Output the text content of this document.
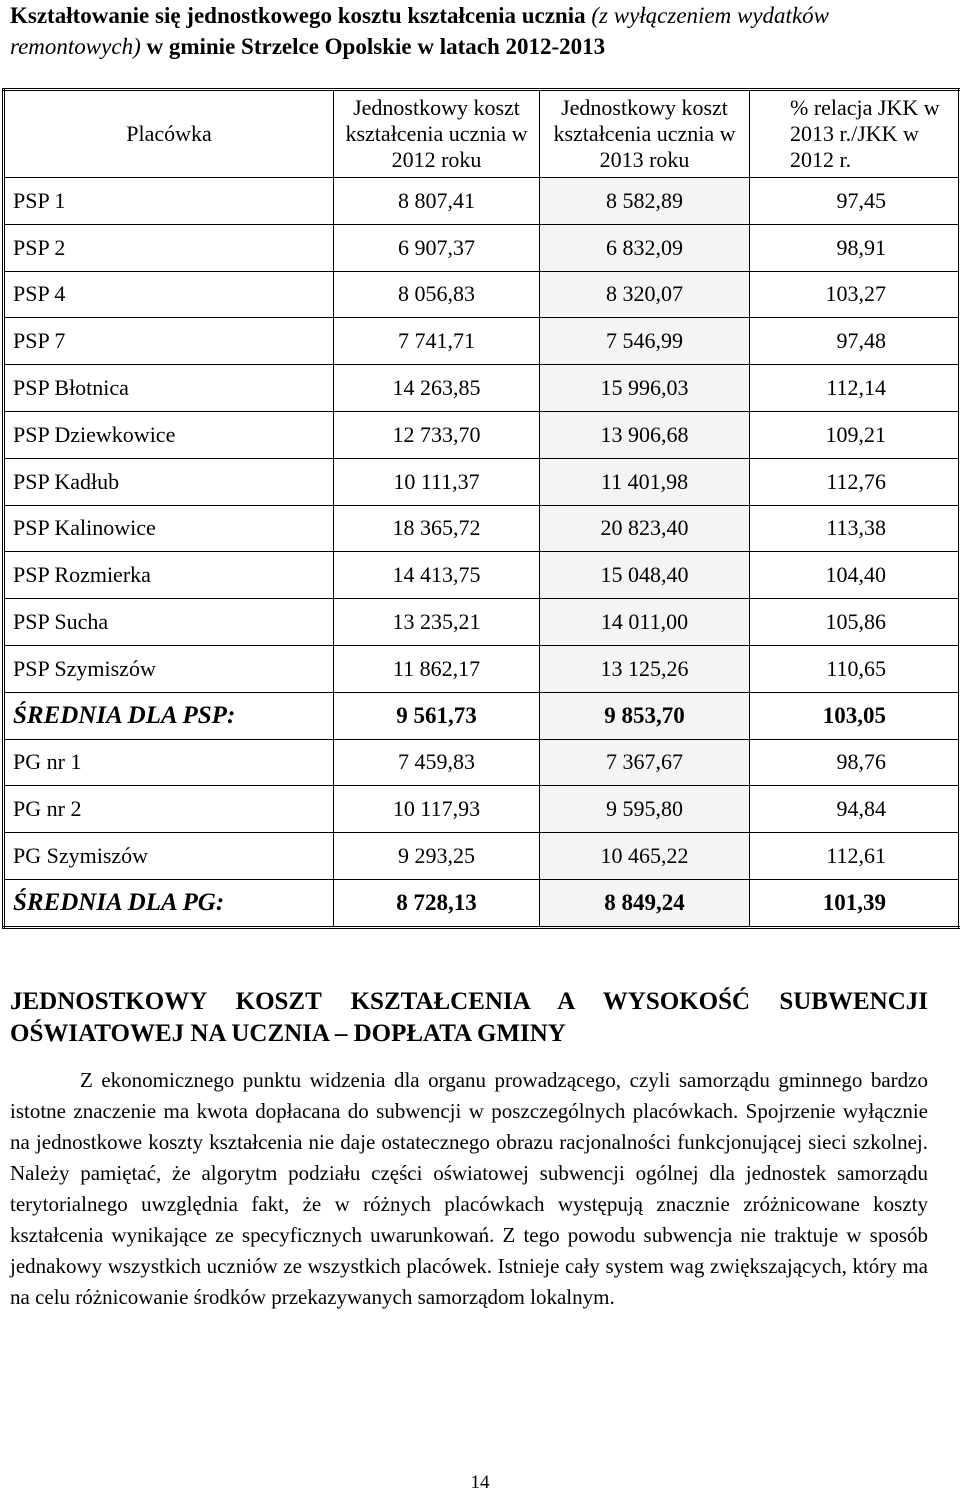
Kształtowanie się jednostkowego kosztu kształcenia ucznia (z wyłączeniem wydatków remontowych) w gminie Strzelce Opolskie w latach 2012-2013
Placówka	Jednostkowy koszt kształcenia ucznia w 2012 roku	Jednostkowy koszt kształcenia ucznia w 2013 roku	% relacja JKK w 2013 r./JKK w 2012 r.

PSP 1	8 807,41	8 582,89	97,45
PSP 2	6 907,37	6 832,09	98,91
PSP 4	8 056,83	8 320,07	103,27
PSP 7	7 741,71	7 546,99	97,48
PSP Błotnica	14 263,85	15 996,03	112,14
PSP Dziewkowice	12 733,70	13 906,68	109,21
PSP Kadłub	10 111,37	11 401,98	112,76
PSP Kalinowice	18 365,72	20 823,40	113,38
PSP Rozmierka	14 413,75	15 048,40	104,40
PSP Sucha	13 235,21	14 011,00	105,86
PSP Szymiszów	11 862,17	13 125,26	110,65
ŚREDNIA DLA PSP:	9 561,73	9 853,70	103,05
PG nr 1	7 459,83	7 367,67	98,76
PG nr 2	10 117,93	9 595,80	94,84
PG Szymiszów	9 293,25	10 465,22	112,61
ŚREDNIA DLA PG:	8 728,13	8 849,24	101,39
JEDNOSTKOWY KOSZT KSZTAŁCENIA A WYSOKOŚĆ SUBWENCJI OŚWIATOWEJ NA UCZNIA – DOPŁATA GMINY
Z ekonomicznego punktu widzenia dla organu prowadzącego, czyli samorządu gminnego bardzo istotne znaczenie ma kwota dopłacana do subwencji w poszczególnych placówkach. Spojrzenie wyłącznie na jednostkowe koszty kształcenia nie daje ostatecznego obrazu racjonalności funkcjonującej sieci szkolnej. Należy pamiętać, że algorytm podziału części oświatowej subwencji ogólnej dla jednostek samorządu terytorialnego uwzględnia fakt, że w różnych placówkach występują znacznie zróżnicowane koszty kształcenia wynikające ze specyficznych uwarunkowań. Z tego powodu subwencja nie traktuje w sposób jednakowy wszystkich uczniów ze wszystkich placówek. Istnieje cały system wag zwiększających, który ma na celu różnicowanie środków przekazywanych samorządom lokalnym.
14
